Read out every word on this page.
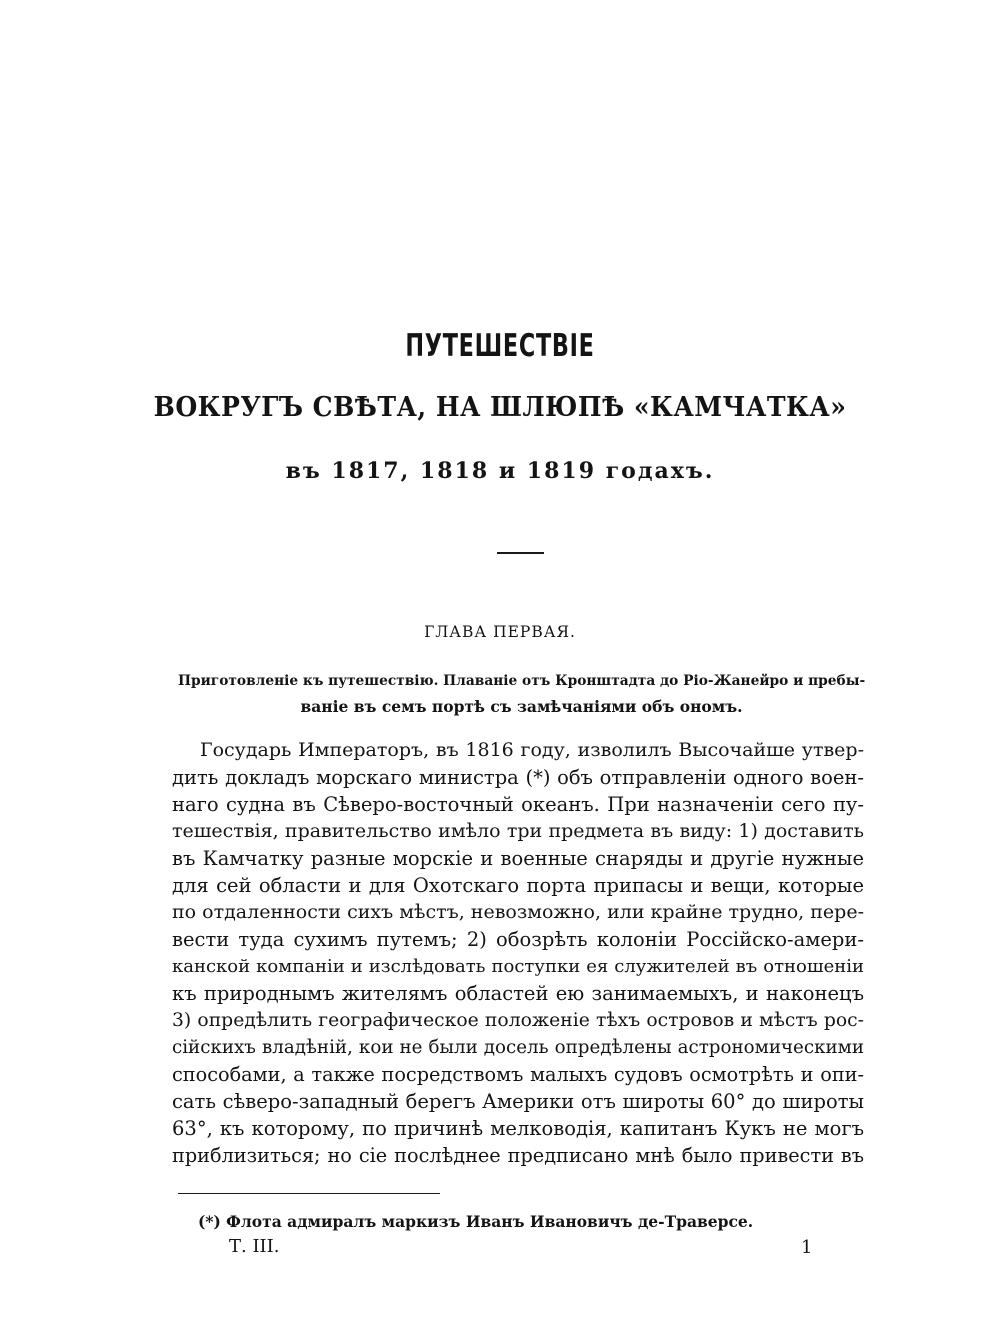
ПУТЕШЕСТВIЕ
ВОКРУГЪ СВѢТА, НА ШЛЮПѢ «КАМЧАТКА»
въ 1817, 1818 и 1819 годахъ.
ГЛАВА ПЕРВАЯ.
Приготовленіе къ путешествію. Плаваніе отъ Кронштадта до Ріо-Жанейро и пребы-
ваніе въ семъ портѣ съ замѣчаніями объ ономъ.
Государь Императоръ, въ 1816 году, изволилъ Высочайше утвер-
дить докладъ морскаго министра (*) объ отправленіи одного воен-
наго судна въ Сѣверо-восточный океанъ. При назначеніи сего пу-
тешествія, правительство имѣло три предмета въ виду: 1) доставить
въ Камчатку разные морскіе и военные снаряды и другіе нужные
для сей области и для Охотскаго порта припасы и вещи, которые
по отдаленности сихъ мѣстъ, невозможно, или крайне трудно, пере-
вести туда сухимъ путемъ; 2) обозрѣть колоніи Россійско-амери-
канской компаніи и изслѣдовать поступки ея служителей въ отношеніи
къ природнымъ жителямъ областей ею занимаемыхъ, и наконецъ
3) опредѣлить географическое положеніе тѣхъ островов и мѣстъ рос-
сійскихъ владѣній, кои не были досель опредѣлены астрономическими
способами, а также посредствомъ малыхъ судовъ осмотрѣть и опи-
сать сѣверо-западный берегъ Америки отъ широты 60° до широты
63°, къ которому, по причинѣ мелководія, капитанъ Кукъ не могъ
приблизиться; но сіе послѣднее предписано мнѣ было привести въ
(*) Флота адмиралъ маркизъ Иванъ Ивановичъ де-Траверсе.
Т. III.	1
